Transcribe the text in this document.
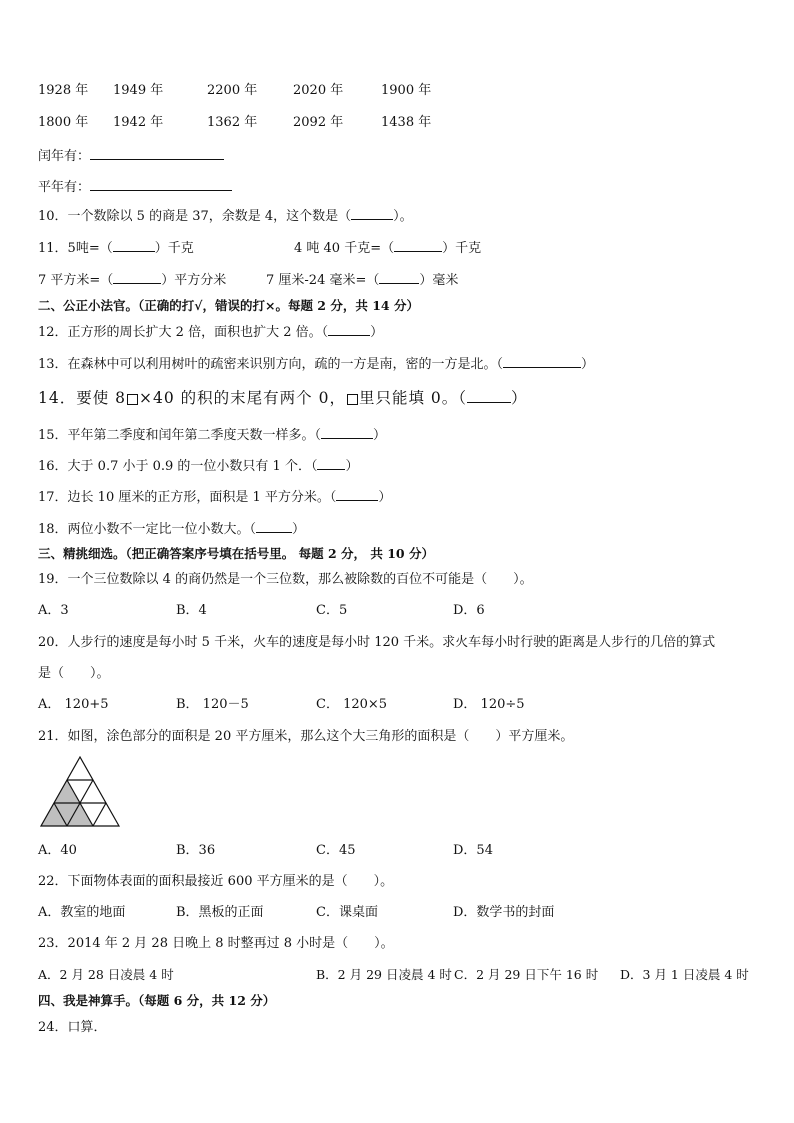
1928 年 1949 年	2200 年	2020 年	1900 年
1800 年 1942 年	1362 年	2092 年	1438 年
闰年有：
平年有：
10．一个数除以 5 的商是 37，余数是 4，这个数是（	）。
11．5吨=（	）千克	4 吨 40 千克=（	）千克
7 平方米=（	）平方分米	7 厘米-24 毫米=（	）毫米
二、公正小法官。（正确的打√，错误的打×。每题 2 分，共 14 分）
12．正方形的周长扩大 2 倍，面积也扩大 2 倍。（	）
13．在森林中可以利用树叶的疏密来识别方向，疏的一方是南，密的一方是北。（	）
14．要使 8 ×40 的积的末尾有两个 0， 里只能填 0。（	）
15．平年第二季度和闰年第二季度天数一样多。（	）
16．大于 0.7 小于 0.9 的一位小数只有 1 个．（ ）
17．边长 10 厘米的正方形，面积是 1 平方分米。（	）
18．两位小数不一定比一位小数大。（	）
三、精挑细选。（把正确答案序号填在括号里。 每题 2 分， 共 10 分）
19．一个三位数除以 4 的商仍然是一个三位数，那么被除数的百位不可能是（　　）。
A．3	B．4	C．5	D．6
20．人步行的速度是每小时 5 千米，火车的速度是每小时 120 千米。求火车每小时行驶的距离是人步行的几倍的算式
是（　　）。
A． 120+5	B． 120－5	C． 120×5	D． 120÷5
21．如图，涂色部分的面积是 20 平方厘米，那么这个大三角形的面积是（　　）平方厘米。
A．40	B．36	C．45	D．54
22．下面物体表面的面积最接近 600 平方厘米的是（　　）。
A．教室的地面	B．黑板的正面	C．课桌面	D．数学书的封面
23．2014 年 2 月 28 日晚上 8 时整再过 8 小时是（　　）。
A．2 月 28 日凌晨 4 时	B．2 月 29 日凌晨 4 时 C．2 月 29 日下午 16 时 D．3 月 1 日凌晨 4 时
四、我是神算手。（每题 6 分，共 12 分）
24．口算．
